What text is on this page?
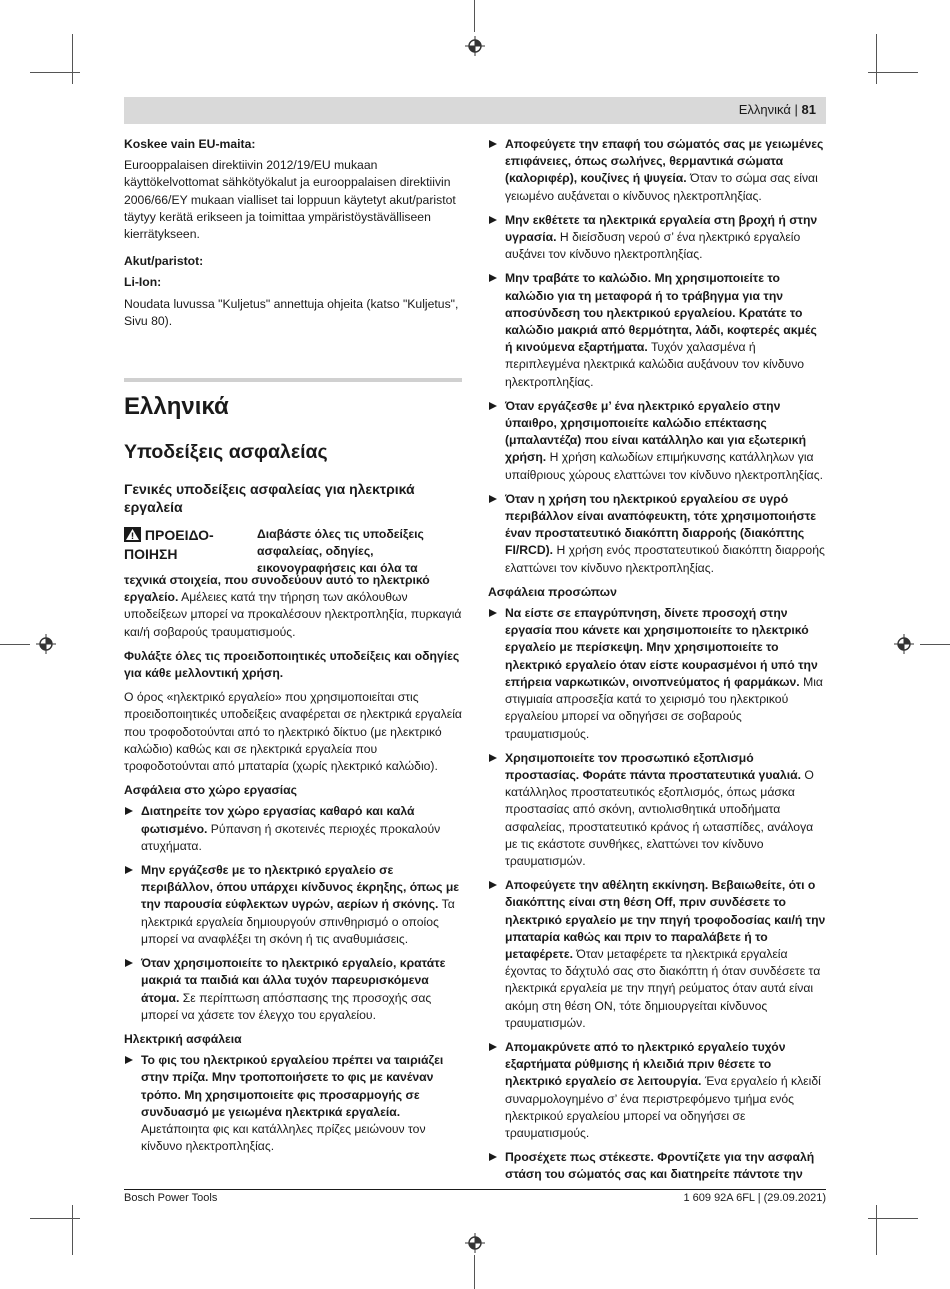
Ελληνικά | 81
Koskee vain EU-maita:

Eurooppalaisen direktiivin 2012/19/EU mukaan käyttökelvottomat sähkötyökalut ja eurooppalaisen direktiivin 2006/66/EY mukaan vialliset tai loppuun käytetyt akut/paristot täytyy kerätä erikseen ja toimittaa ympäristöystävälliseen kierrätykseen.

Akut/paristot:
Li-Ion:

Noudata luvussa "Kuljetus" annettuja ohjeita (katso "Kuljetus", Sivu 80).

Ελληνικά
Υποδείξεις ασφαλείας
Γενικές υποδείξεις ασφαλείας για ηλεκτρικά εργαλεία
ΠΡΟΕΙΔΟ-ΠΟΙΗΣΗ
Διαβάστε όλες τις υποδείξεις ασφαλείας, οδηγίες, εικονογραφήσεις και όλα τα

τεχνικά στοιχεία, που συνοδεύουν αυτό το ηλεκτρικό εργαλείο. Αμέλειες κατά την τήρηση των ακόλουθων υποδείξεων μπορεί να προκαλέσουν ηλεκτροπληξία, πυρκαγιά και/ή σοβαρούς τραυματισμούς.

Φυλάξτε όλες τις προειδοποιητικές υποδείξεις και οδηγίες για κάθε μελλοντική χρήση.

Ο όρος «ηλεκτρικό εργαλείο» που χρησιμοποιείται στις προειδοποιητικές υποδείξεις αναφέρεται σε ηλεκτρικά εργαλεία που τροφοδοτούνται από το ηλεκτρικό δίκτυο (με ηλεκτρικό καλώδιο) καθώς και σε ηλεκτρικά εργαλεία που τροφοδοτούνται από μπαταρία (χωρίς ηλεκτρικό καλώδιο).

Ασφάλεια στο χώρο εργασίας
Διατηρείτε τον χώρο εργασίας καθαρό και καλά φωτισμένο. Ρύπανση ή σκοτεινές περιοχές προκαλούν ατυχήματα.
Μην εργάζεσθε με το ηλεκτρικό εργαλείο σε περιβάλλον, όπου υπάρχει κίνδυνος έκρηξης, όπως με την παρουσία εύφλεκτων υγρών, αερίων ή σκόνης. Τα ηλεκτρικά εργαλεία δημιουργούν σπινθηρισμό ο οποίος μπορεί να αναφλέξει τη σκόνη ή τις αναθυμιάσεις.
Όταν χρησιμοποιείτε το ηλεκτρικό εργαλείο, κρατάτε μακριά τα παιδιά και άλλα τυχόν παρευρισκόμενα άτομα. Σε περίπτωση απόσπασης της προσοχής σας μπορεί να χάσετε τον έλεγχο του εργαλείου.
Ηλεκτρική ασφάλεια
Το φις του ηλεκτρικού εργαλείου πρέπει να ταιριάζει στην πρίζα. Μην τροποποιήσετε το φις με κανέναν τρόπο. Μη χρησιμοποιείτε φις προσαρμογής σε συνδυασμό με γειωμένα ηλεκτρικά εργαλεία. Αμετάποιητα φις και κατάλληλες πρίζες μειώνουν τον κίνδυνο ηλεκτροπληξίας.
Αποφεύγετε την επαφή του σώματός σας με γειωμένες επιφάνειες, όπως σωλήνες, θερμαντικά σώματα (καλοριφέρ), κουζίνες ή ψυγεία. Όταν το σώμα σας είναι γειωμένο αυξάνεται ο κίνδυνος ηλεκτροπληξίας.
Μην εκθέτετε τα ηλεκτρικά εργαλεία στη βροχή ή στην υγρασία. Η διείσδυση νερού σ’ ένα ηλεκτρικό εργαλείο αυξάνει τον κίνδυνο ηλεκτροπληξίας.
Μην τραβάτε το καλώδιο. Μη χρησιμοποιείτε το καλώδιο για τη μεταφορά ή το τράβηγμα για την αποσύνδεση του ηλεκτρικού εργαλείου. Κρατάτε το καλώδιο μακριά από θερμότητα, λάδι, κοφτερές ακμές ή κινούμενα εξαρτήματα. Τυχόν χαλασμένα ή περιπλεγμένα ηλεκτρικά καλώδια αυξάνουν τον κίνδυνο ηλεκτροπληξίας.
Όταν εργάζεσθε μ’ ένα ηλεκτρικό εργαλείο στην ύπαιθρο, χρησιμοποιείτε καλώδιο επέκτασης (μπαλαντέζα) που είναι κατάλληλο και για εξωτερική χρήση. Η χρήση καλωδίων επιμήκυνσης κατάλληλων για υπαίθριους χώρους ελαττώνει τον κίνδυνο ηλεκτροπληξίας.
Όταν η χρήση του ηλεκτρικού εργαλείου σε υγρό περιβάλλον είναι αναπόφευκτη, τότε χρησιμοποιήστε έναν προστατευτικό διακόπτη διαρροής (διακόπτης FI/RCD). Η χρήση ενός προστατευτικού διακόπτη διαρροής ελαττώνει τον κίνδυνο ηλεκτροπληξίας.
Ασφάλεια προσώπων
Να είστε σε επαγρύπνηση, δίνετε προσοχή στην εργασία που κάνετε και χρησιμοποιείτε το ηλεκτρικό εργαλείο με περίσκεψη. Μην χρησιμοποιείτε το ηλεκτρικό εργαλείο όταν είστε κουρασμένοι ή υπό την επήρεια ναρκωτικών, οινοπνεύματος ή φαρμάκων. Μια στιγμιαία απροσεξία κατά το χειρισμό του ηλεκτρικού εργαλείου μπορεί να οδηγήσει σε σοβαρούς τραυματισμούς.
Χρησιμοποιείτε τον προσωπικό εξοπλισμό προστασίας. Φοράτε πάντα προστατευτικά γυαλιά. Ο κατάλληλος προστατευτικός εξοπλισμός, όπως μάσκα προστασίας από σκόνη, αντιολισθητικά υποδήματα ασφαλείας, προστατευτικό κράνος ή ωτασπίδες, ανάλογα με τις εκάστοτε συνθήκες, ελαττώνει τον κίνδυνο τραυματισμών.
Αποφεύγετε την αθέλητη εκκίνηση. Βεβαιωθείτε, ότι ο διακόπτης είναι στη θέση Off, πριν συνδέσετε το ηλεκτρικό εργαλείο με την πηγή τροφοδοσίας και/ή την μπαταρία καθώς και πριν το παραλάβετε ή το μεταφέρετε. Όταν μεταφέρετε τα ηλεκτρικά εργαλεία έχοντας το δάχτυλό σας στο διακόπτη ή όταν συνδέσετε τα ηλεκτρικά εργαλεία με την πηγή ρεύματος όταν αυτά είναι ακόμη στη θέση ON, τότε δημιουργείται κίνδυνος τραυματισμών.
Απομακρύνετε από το ηλεκτρικό εργαλείο τυχόν εξαρτήματα ρύθμισης ή κλειδιά πριν θέσετε το ηλεκτρικό εργαλείο σε λειτουργία. Ένα εργαλείο ή κλειδί συναρμολογημένο σ’ ένα περιστρεφόμενο τμήμα ενός ηλεκτρικού εργαλείου μπορεί να οδηγήσει σε τραυματισμούς.
Προσέχετε πως στέκεστε. Φροντίζετε για την ασφαλή στάση του σώματός σας και διατηρείτε πάντοτε την
Bosch Power Tools	1 609 92A 6FL | (29.09.2021)
